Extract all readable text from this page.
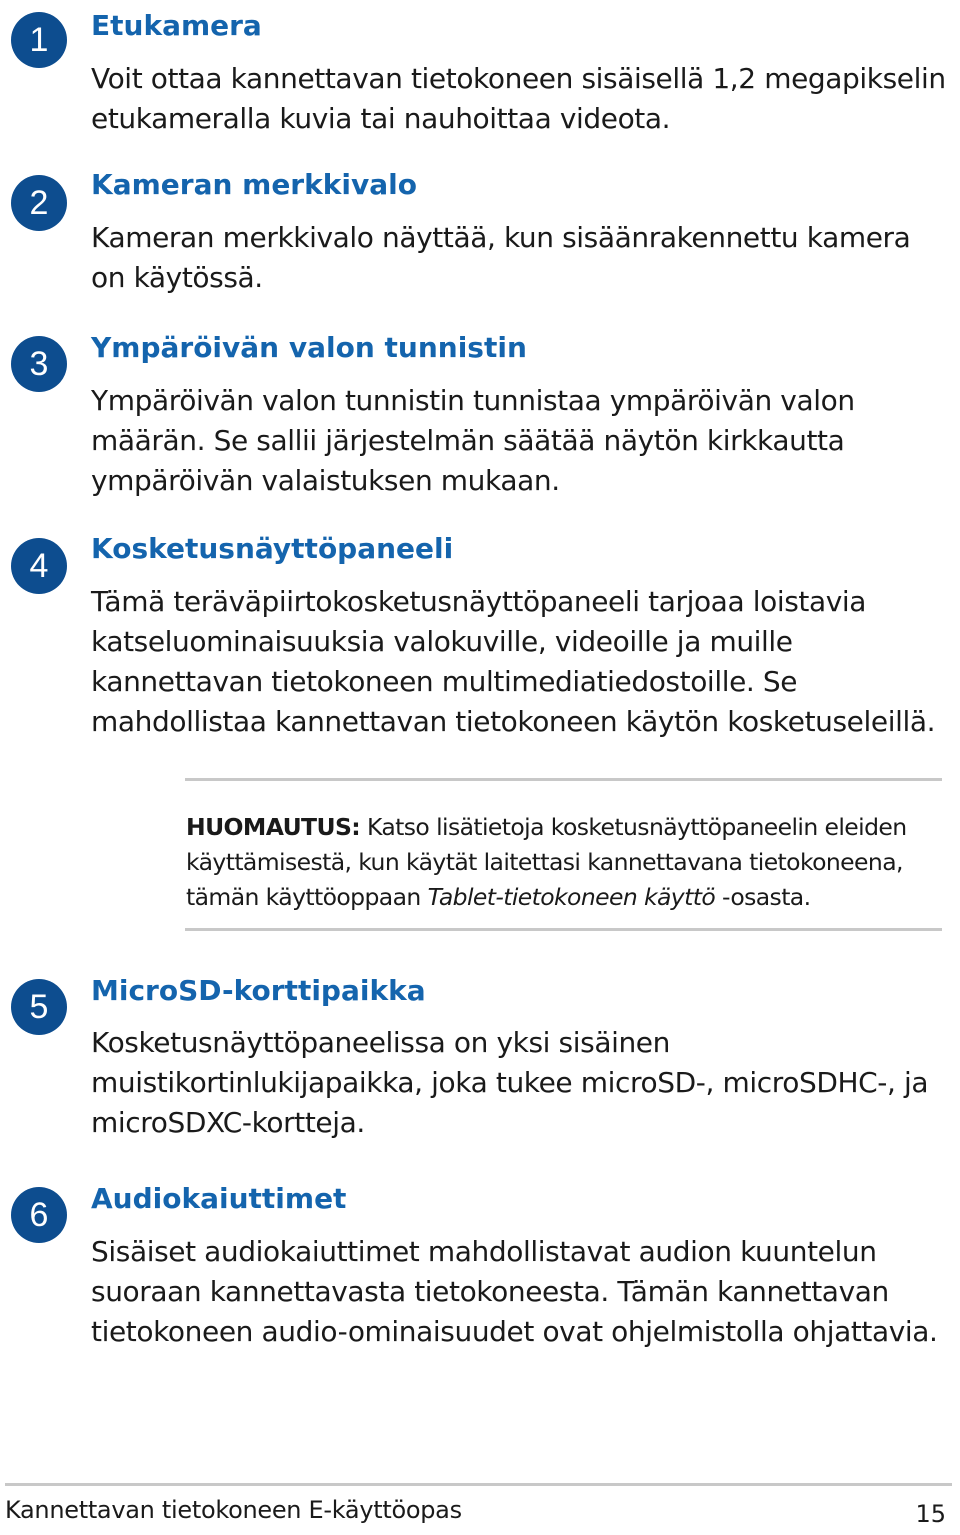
1	Etukamera

Voit ottaa kannettavan tietokoneen sisäisellä 1,2 megapikselin etukameralla kuvia tai nauhoittaa videota.

2	Kameran merkkivalo

Kameran merkkivalo näyttää, kun sisäänrakennettu kamera on käytössä.

3	Ympäröivän valon tunnistin

Ympäröivän valon tunnistin tunnistaa ympäröivän valon määrän. Se sallii järjestelmän säätää näytön kirkkautta ympäröivän valaistuksen mukaan.

4	Kosketusnäyttöpaneeli

Tämä teräväpiirtokosketusnäyttöpaneeli tarjoaa loistavia katseluominaisuuksia valokuville, videoille ja muille kannettavan tietokoneen multimediatiedostoille. Se mahdollistaa kannettavan tietokoneen käytön kosketuseleillä.

HUOMAUTUS: Katso lisätietoja kosketusnäyttöpaneelin eleiden käyttämisestä, kun käytät laitettasi kannettavana tietokoneena, tämän käyttöoppaan Tablet-tietokoneen käyttö -osasta.

5	MicroSD-korttipaikka

Kosketusnäyttöpaneelissa on yksi sisäinen muistikortinlukijapaikka, joka tukee microSD-, microSDHC-, ja microSDXC-kortteja.

6	Audiokaiuttimet

Sisäiset audiokaiuttimet mahdollistavat audion kuuntelun suoraan kannettavasta tietokoneesta. Tämän kannettavan tietokoneen audio-ominaisuudet ovat ohjelmistolla ohjattavia.

Kannettavan tietokoneen E-käyttöopas	15
